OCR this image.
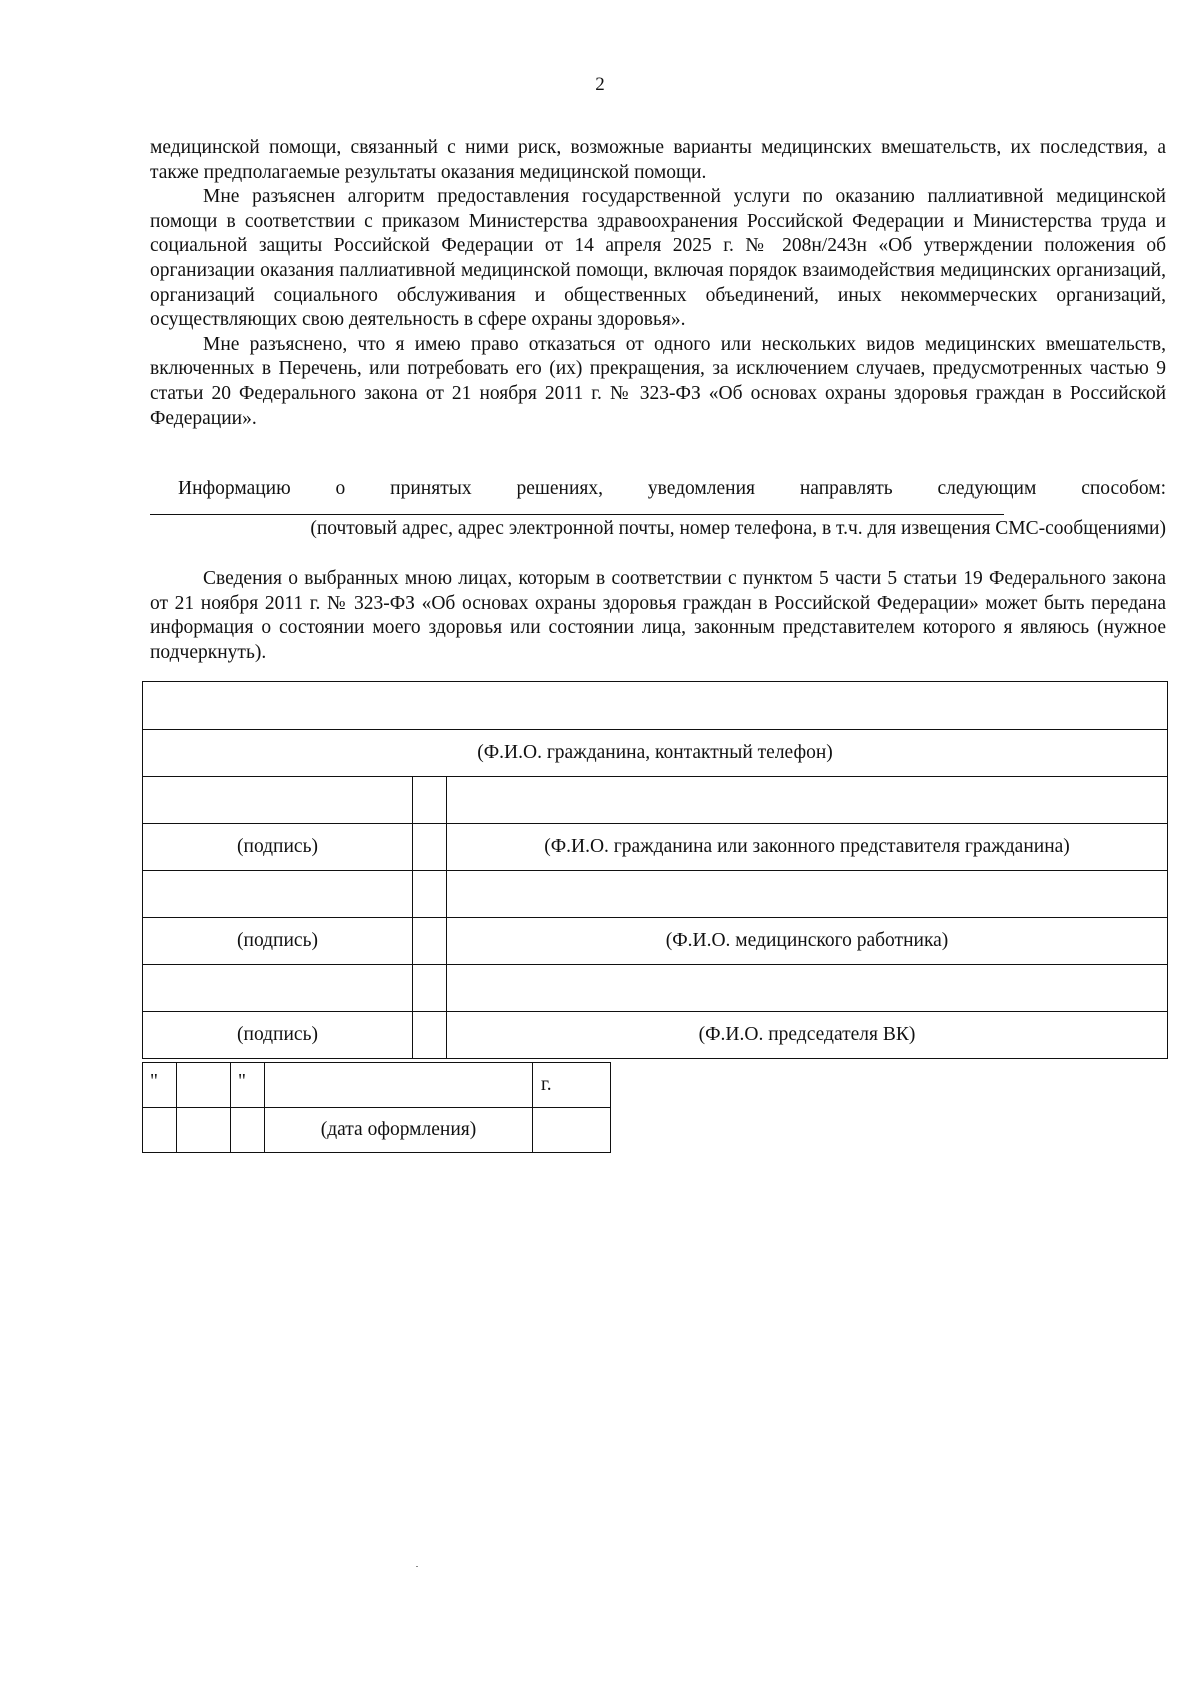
2

медицинской помощи, связанный с ними риск, возможные варианты медицинских вмешательств, их последствия, а также предполагаемые результаты оказания медицинской помощи.

Мне разъяснен алгоритм предоставления государственной услуги по оказанию паллиативной медицинской помощи в соответствии с приказом Министерства здравоохранения Российской Федерации и Министерства труда и социальной защиты Российской Федерации от 14 апреля 2025 г. № 208н/243н «Об утверждении положения об организации оказания паллиативной медицинской помощи, включая порядок взаимодействия медицинских организаций, организаций социального обслуживания и общественных объединений, иных некоммерческих организаций, осуществляющих свою деятельность в сфере охраны здоровья».

Мне разъяснено, что я имею право отказаться от одного или нескольких видов медицинских вмешательств, включенных в Перечень, или потребовать его (их) прекращения, за исключением случаев, предусмотренных частью 9 статьи 20 Федерального закона от 21 ноября 2011 г. № 323-ФЗ «Об основах охраны здоровья граждан в Российской Федерации».

Информацию о принятых решениях, уведомления направлять следующим способом:
(почтовый адрес, адрес электронной почты, номер телефона, в т.ч. для извещения СМС-сообщениями)

Сведения о выбранных мною лицах, которым в соответствии с пунктом 5 части 5 статьи 19 Федерального закона от 21 ноября 2011 г. № 323-ФЗ «Об основах охраны здоровья граждан в Российской Федерации» может быть передана информация о состоянии моего здоровья или состоянии лица, законным представителем которого я являюсь (нужное подчеркнуть).

(Ф.И.О. гражданина, контактный телефон)		

(подпись)		(Ф.И.О. гражданина или законного представителя гражданина)

(подпись)		(Ф.И.О. медицинского работника)

(подпись)		(Ф.И.О. председателя ВК)
"		"		г.
			(дата оформления)	
